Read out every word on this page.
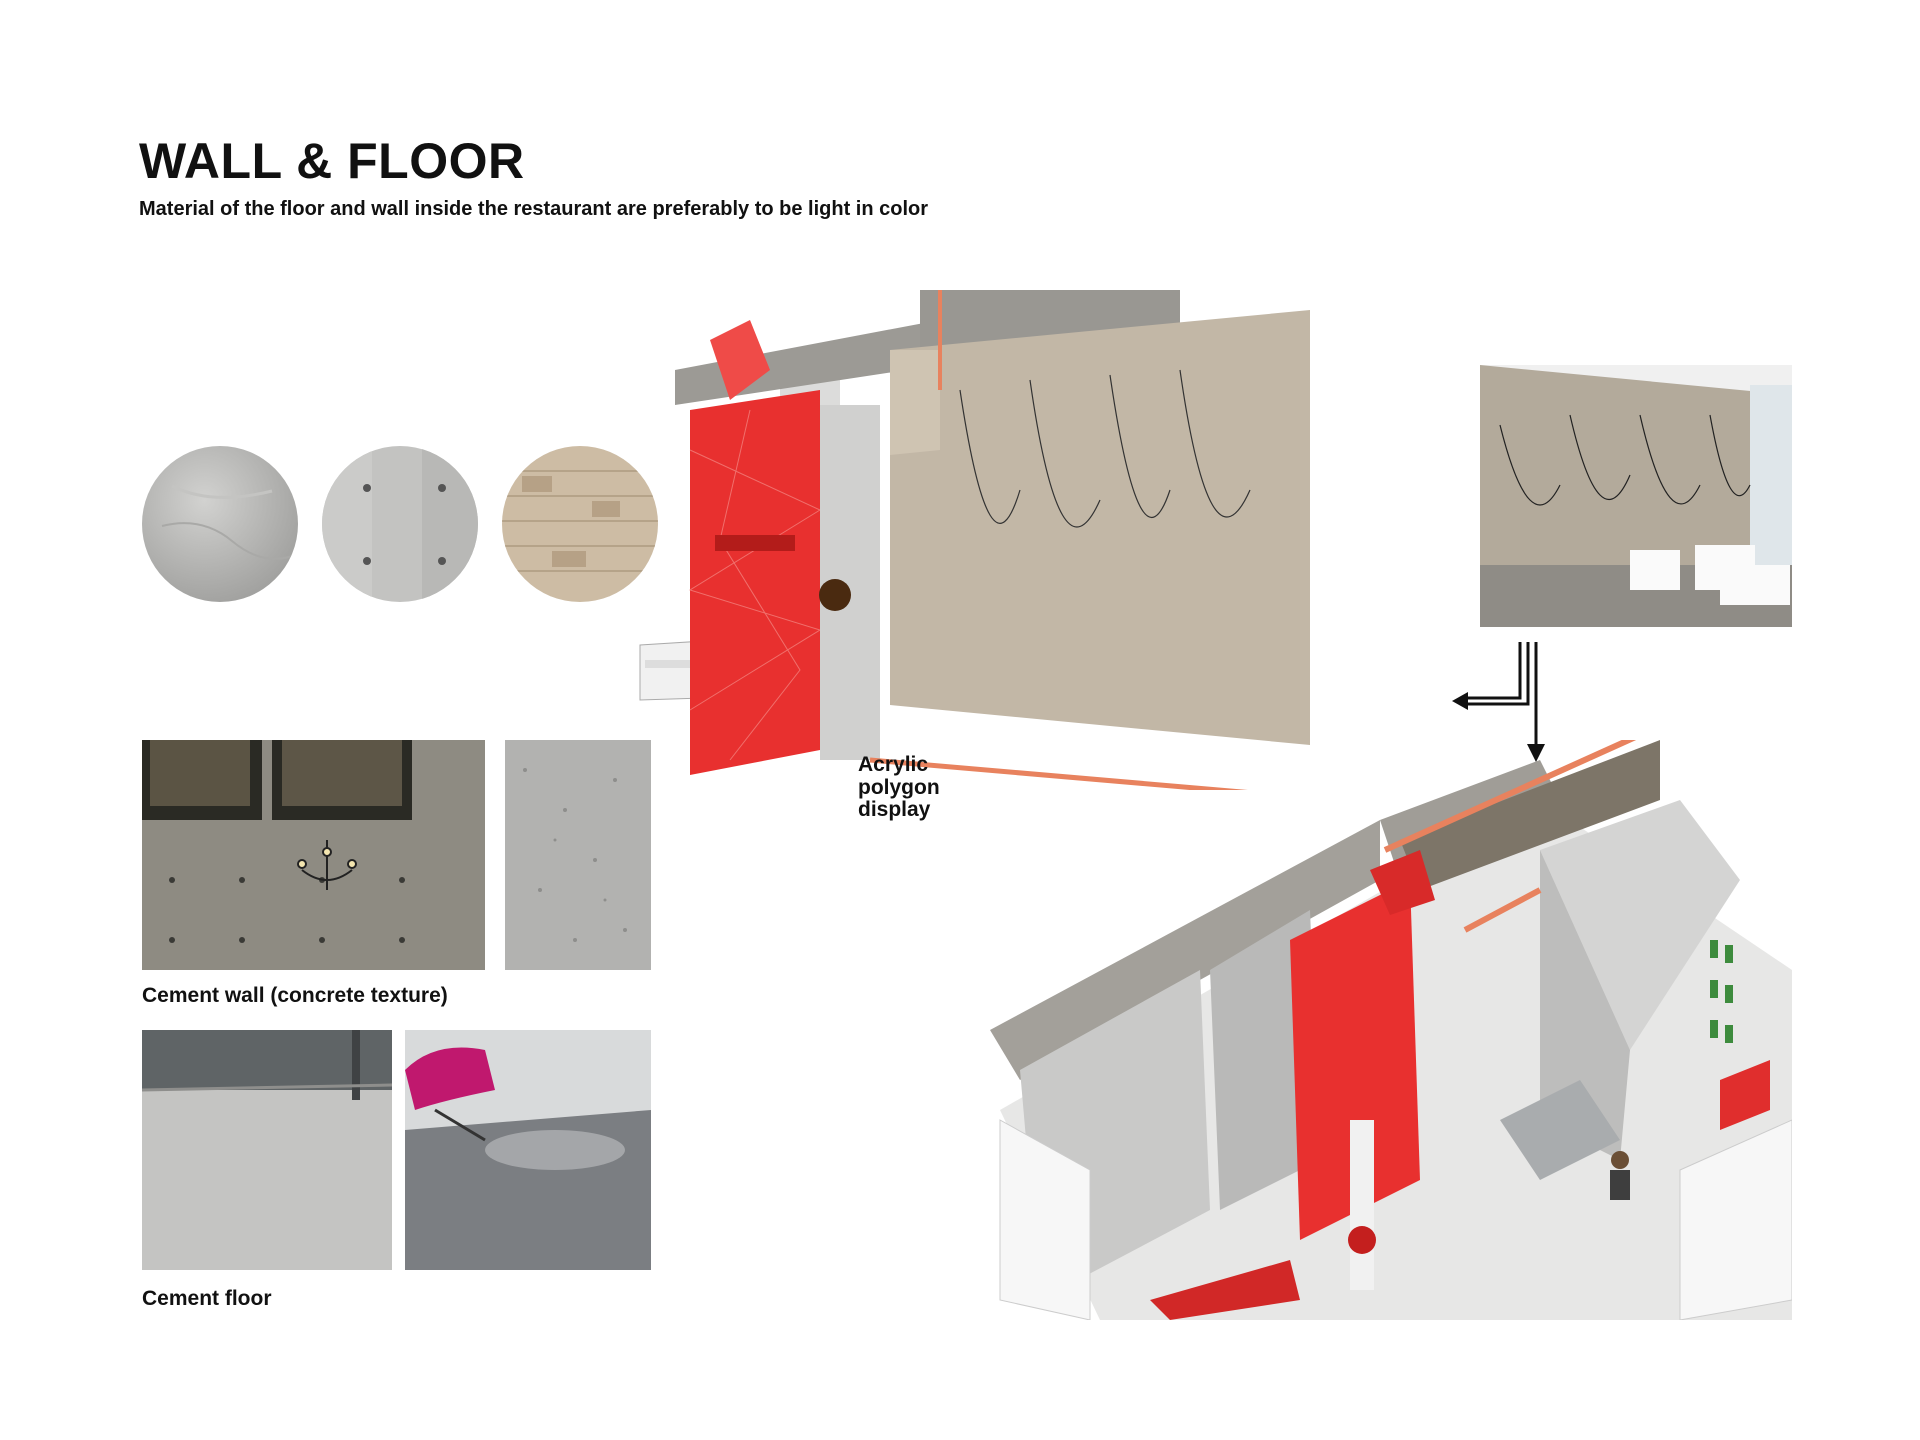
WALL & FLOOR

Material of the floor and wall inside the restaurant are preferably to be light in color

Cement wall (concrete texture)
Cement floor
Acrylic
polygon
display
